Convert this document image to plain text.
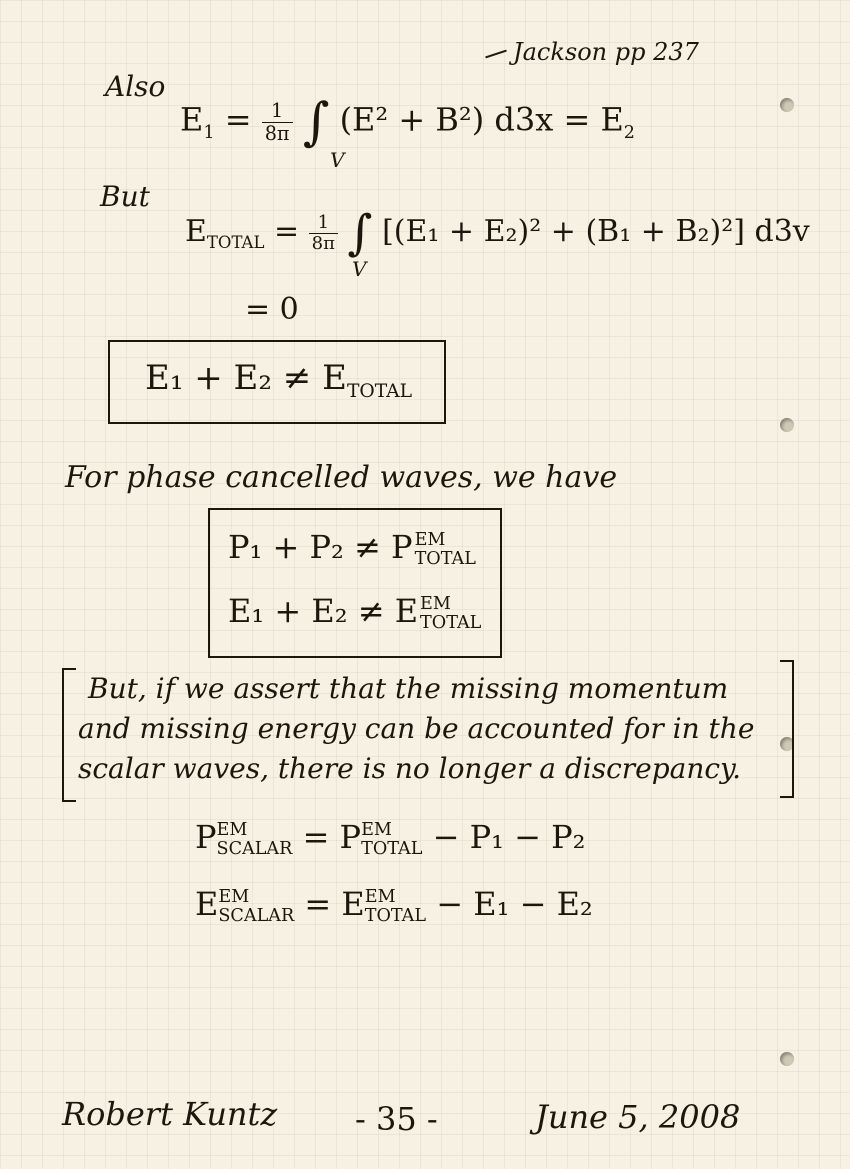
Jackson pp 237
Also
$E_1 = \frac{1}{8\pi}$ ∫ (E² + B²) $d3x = E_2$
V
But
$E_{TOTAL} = \frac{1}{8\pi}$ ∫ [(E₁ + E₂)² + (B₁ + B₂)²] d3v
V
= 0
$E_1 + E_2 \ne E_{TOTAL}$
For phase cancelled waves, we have
P₁ + P₂ ≠ P EM
TOTAL
E₁ + E₂ ≠ E EM
TOTAL
But, if we assert that the missing momentum
and missing energy can be accounted for in the
scalar waves, there is no longer a discrepancy.
P EM
SCALAR = P EM
TOTAL − P₁ − P₂
E EM
SCALAR = E EM
TOTAL − E₁ − E₂
Robert Kuntz - 35 -	June 5, 2008
